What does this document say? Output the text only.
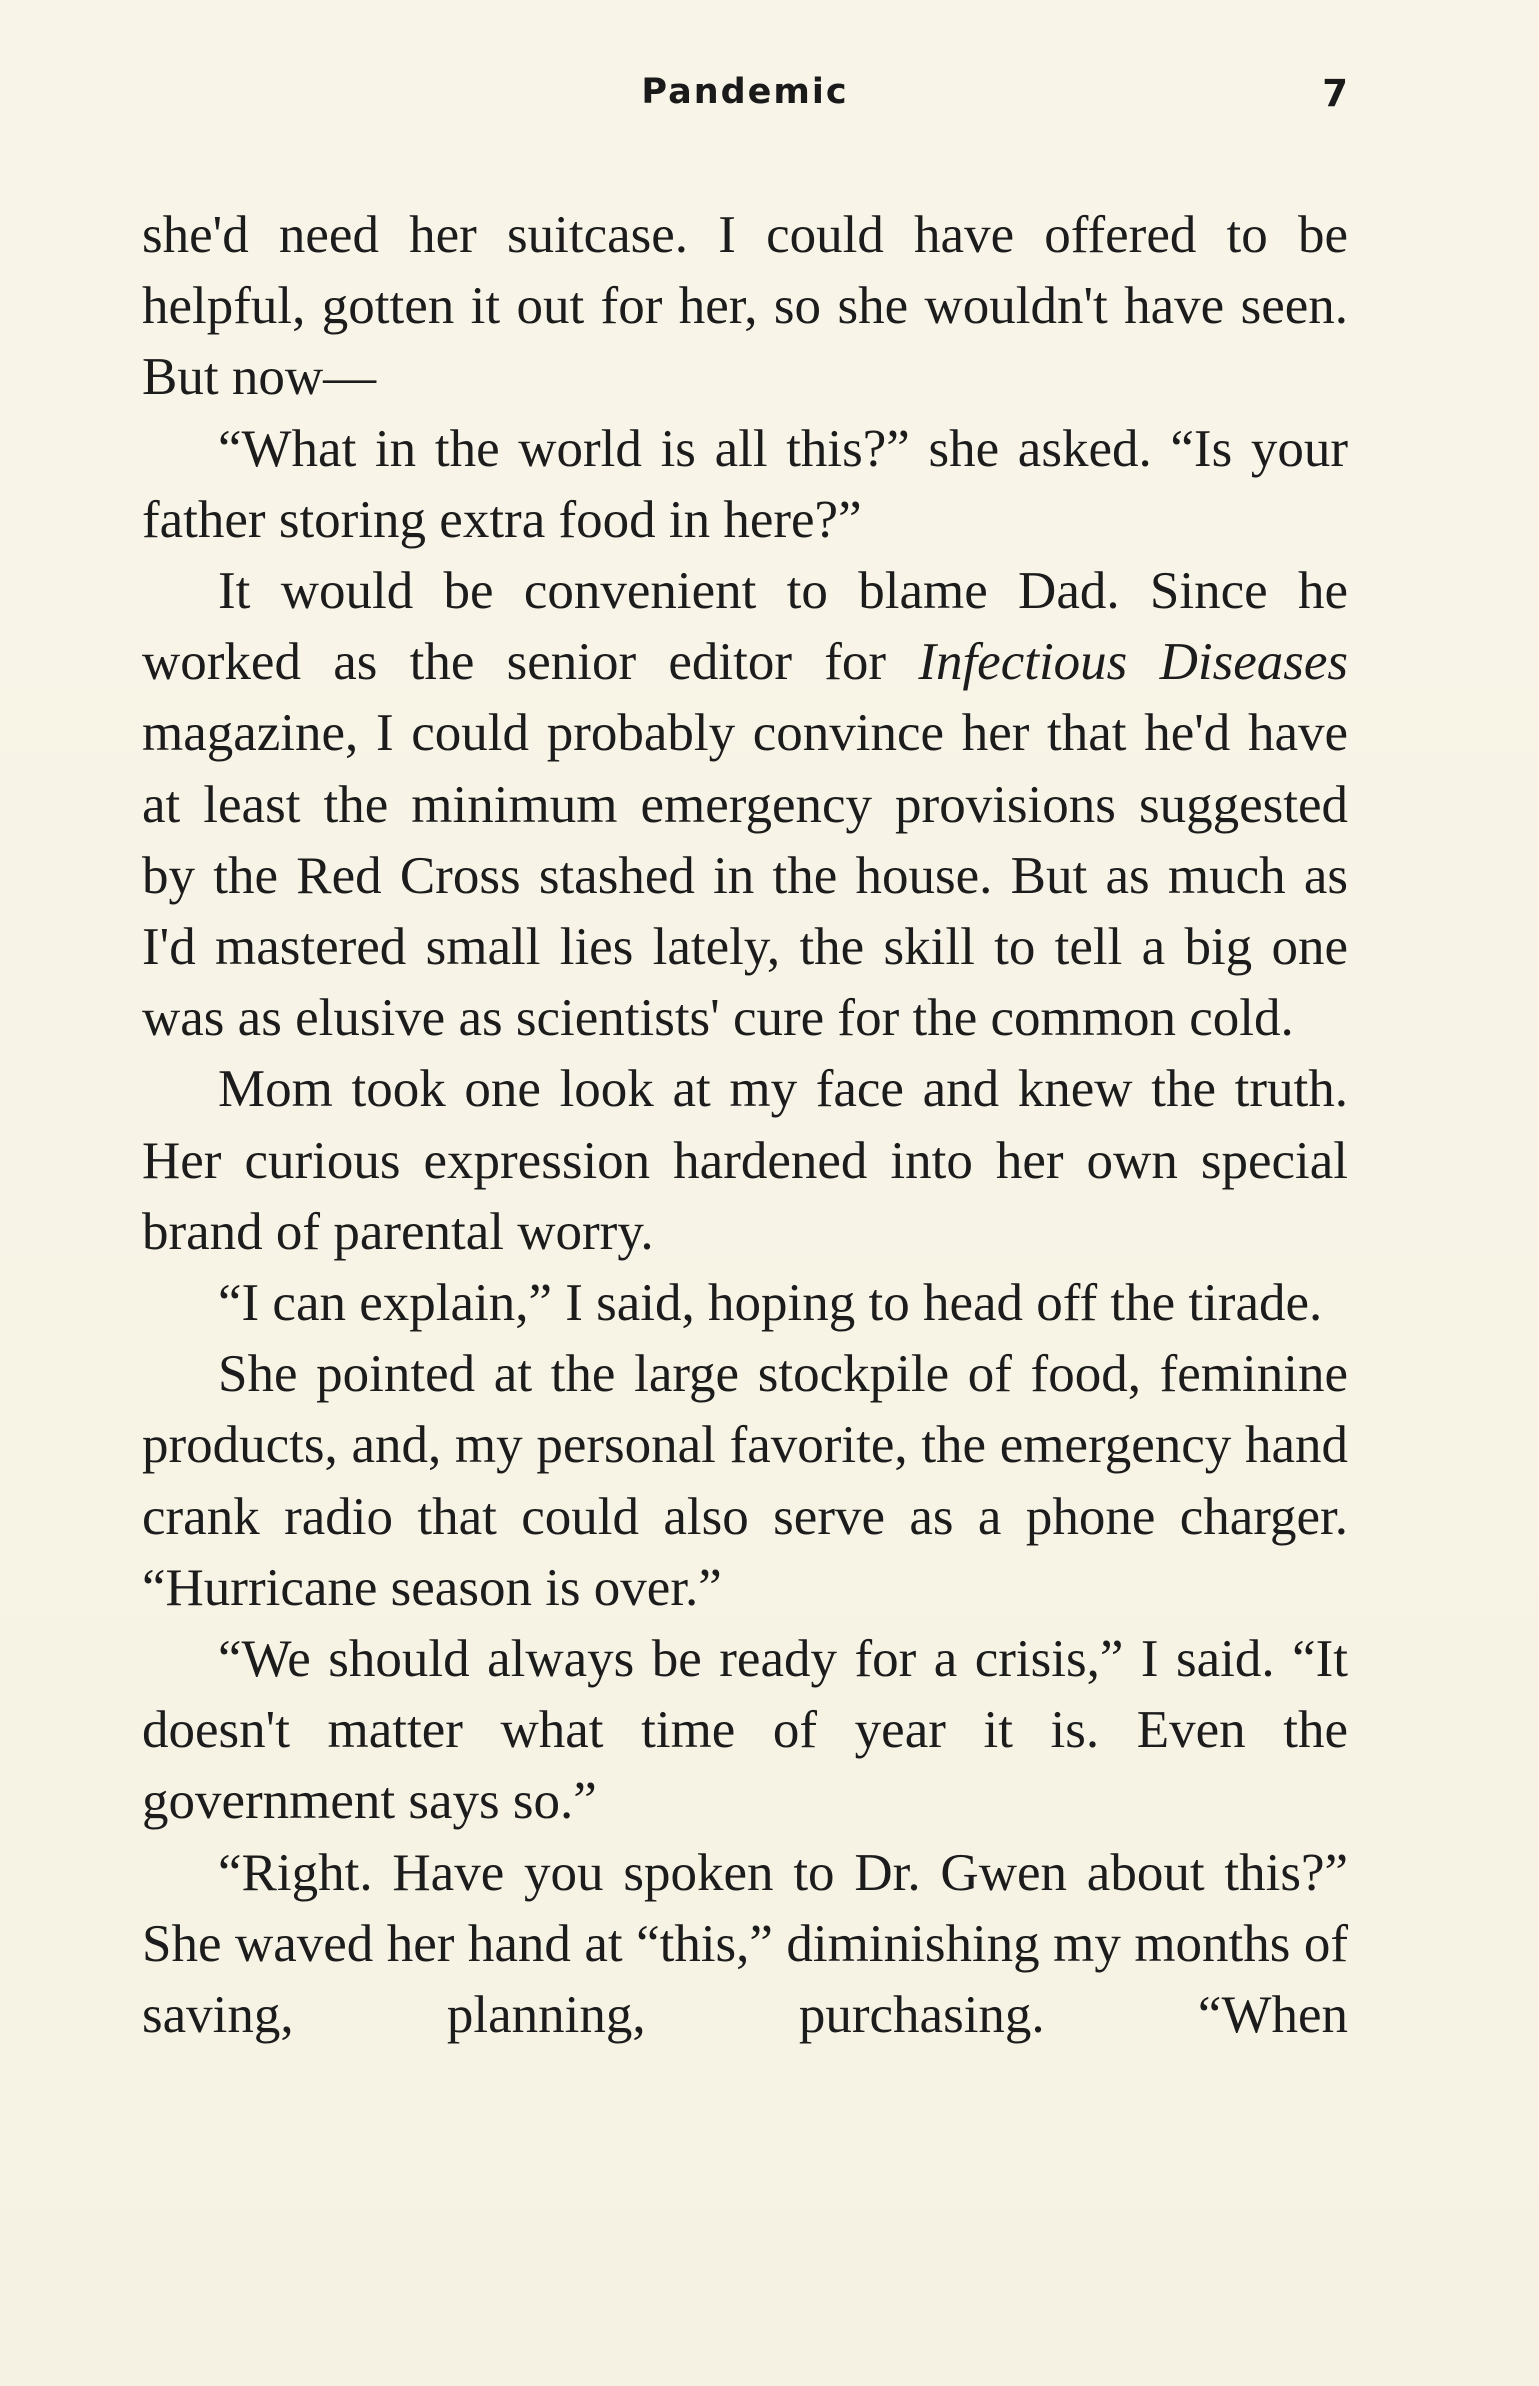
Pandemic	7

she'd need her suitcase. I could have offered to be helpful, gotten it out for her, so she wouldn't have seen. But now—

“What in the world is all this?” she asked. “Is your father storing extra food in here?”

It would be convenient to blame Dad. Since he worked as the senior editor for Infectious Diseases magazine, I could probably convince her that he'd have at least the minimum emergency provisions suggested by the Red Cross stashed in the house. But as much as I'd mastered small lies lately, the skill to tell a big one was as elusive as scientists' cure for the common cold.

Mom took one look at my face and knew the truth. Her curious expression hardened into her own special brand of parental worry.

“I can explain,” I said, hoping to head off the tirade.

She pointed at the large stockpile of food, feminine products, and, my personal favorite, the emergency hand crank radio that could also serve as a phone charger. “Hurricane season is over.”

“We should always be ready for a crisis,” I said. “It doesn't matter what time of year it is. Even the government says so.”

“Right. Have you spoken to Dr. Gwen about this?” She waved her hand at “this,” diminishing my months of saving, planning, purchasing. “When
